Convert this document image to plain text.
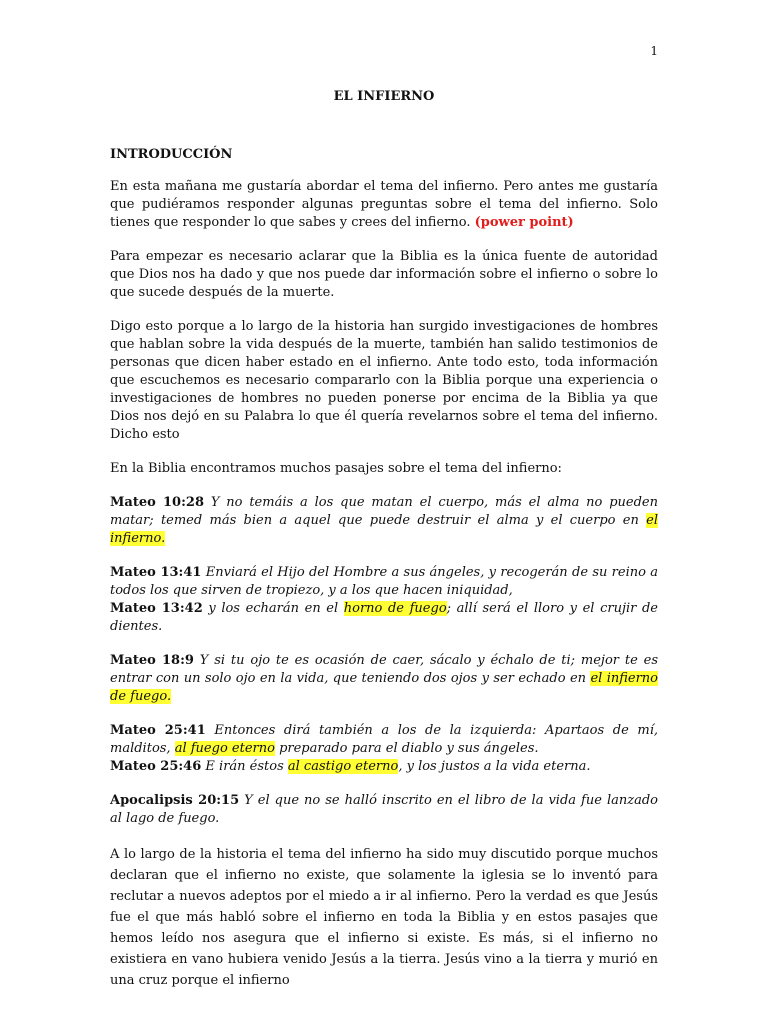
1
EL INFIERNO
INTRODUCCIÓN

En esta mañana me gustaría abordar el tema del infierno. Pero antes me gustaría que pudiéramos responder algunas preguntas sobre el tema del infierno. Solo tienes que responder lo que sabes y crees del infierno. (power point)

Para empezar es necesario aclarar que la Biblia es la única fuente de autoridad que Dios nos ha dado y que nos puede dar información sobre el infierno o sobre lo que sucede después de la muerte.

Digo esto porque a lo largo de la historia han surgido investigaciones de hombres que hablan sobre la vida después de la muerte, también han salido testimonios de personas que dicen haber estado en el infierno. Ante todo esto, toda información que escuchemos es necesario compararlo con la Biblia porque una experiencia o investigaciones de hombres no pueden ponerse por encima de la Biblia ya que Dios nos dejó en su Palabra lo que él quería revelarnos sobre el tema del infierno. Dicho esto

En la Biblia encontramos muchos pasajes sobre el tema del infierno:

Mateo 10:28 Y no temáis a los que matan el cuerpo, más el alma no pueden matar; temed más bien a aquel que puede destruir el alma y el cuerpo en el infierno.
Mateo 13:41 Enviará el Hijo del Hombre a sus ángeles, y recogerán de su reino a todos los que sirven de tropiezo, y a los que hacen iniquidad,
Mateo 13:42 y los echarán en el horno de fuego; allí será el lloro y el crujir de dientes.
Mateo 18:9 Y si tu ojo te es ocasión de caer, sácalo y échalo de ti; mejor te es entrar con un solo ojo en la vida, que teniendo dos ojos y ser echado en el infierno de fuego.
Mateo 25:41 Entonces dirá también a los de la izquierda: Apartaos de mí, malditos, al fuego eterno preparado para el diablo y sus ángeles.
Mateo 25:46 E irán éstos al castigo eterno, y los justos a la vida eterna.
Apocalipsis 20:15 Y el que no se halló inscrito en el libro de la vida fue lanzado al lago de fuego.

A lo largo de la historia el tema del infierno ha sido muy discutido porque muchos declaran que el infierno no existe, que solamente la iglesia se lo inventó para reclutar a nuevos adeptos por el miedo a ir al infierno. Pero la verdad es que Jesús fue el que más habló sobre el infierno en toda la Biblia y en estos pasajes que hemos leído nos asegura que el infierno si existe. Es más, si el infierno no existiera en vano hubiera venido Jesús a la tierra. Jesús vino a la tierra y murió en una cruz porque el infierno
